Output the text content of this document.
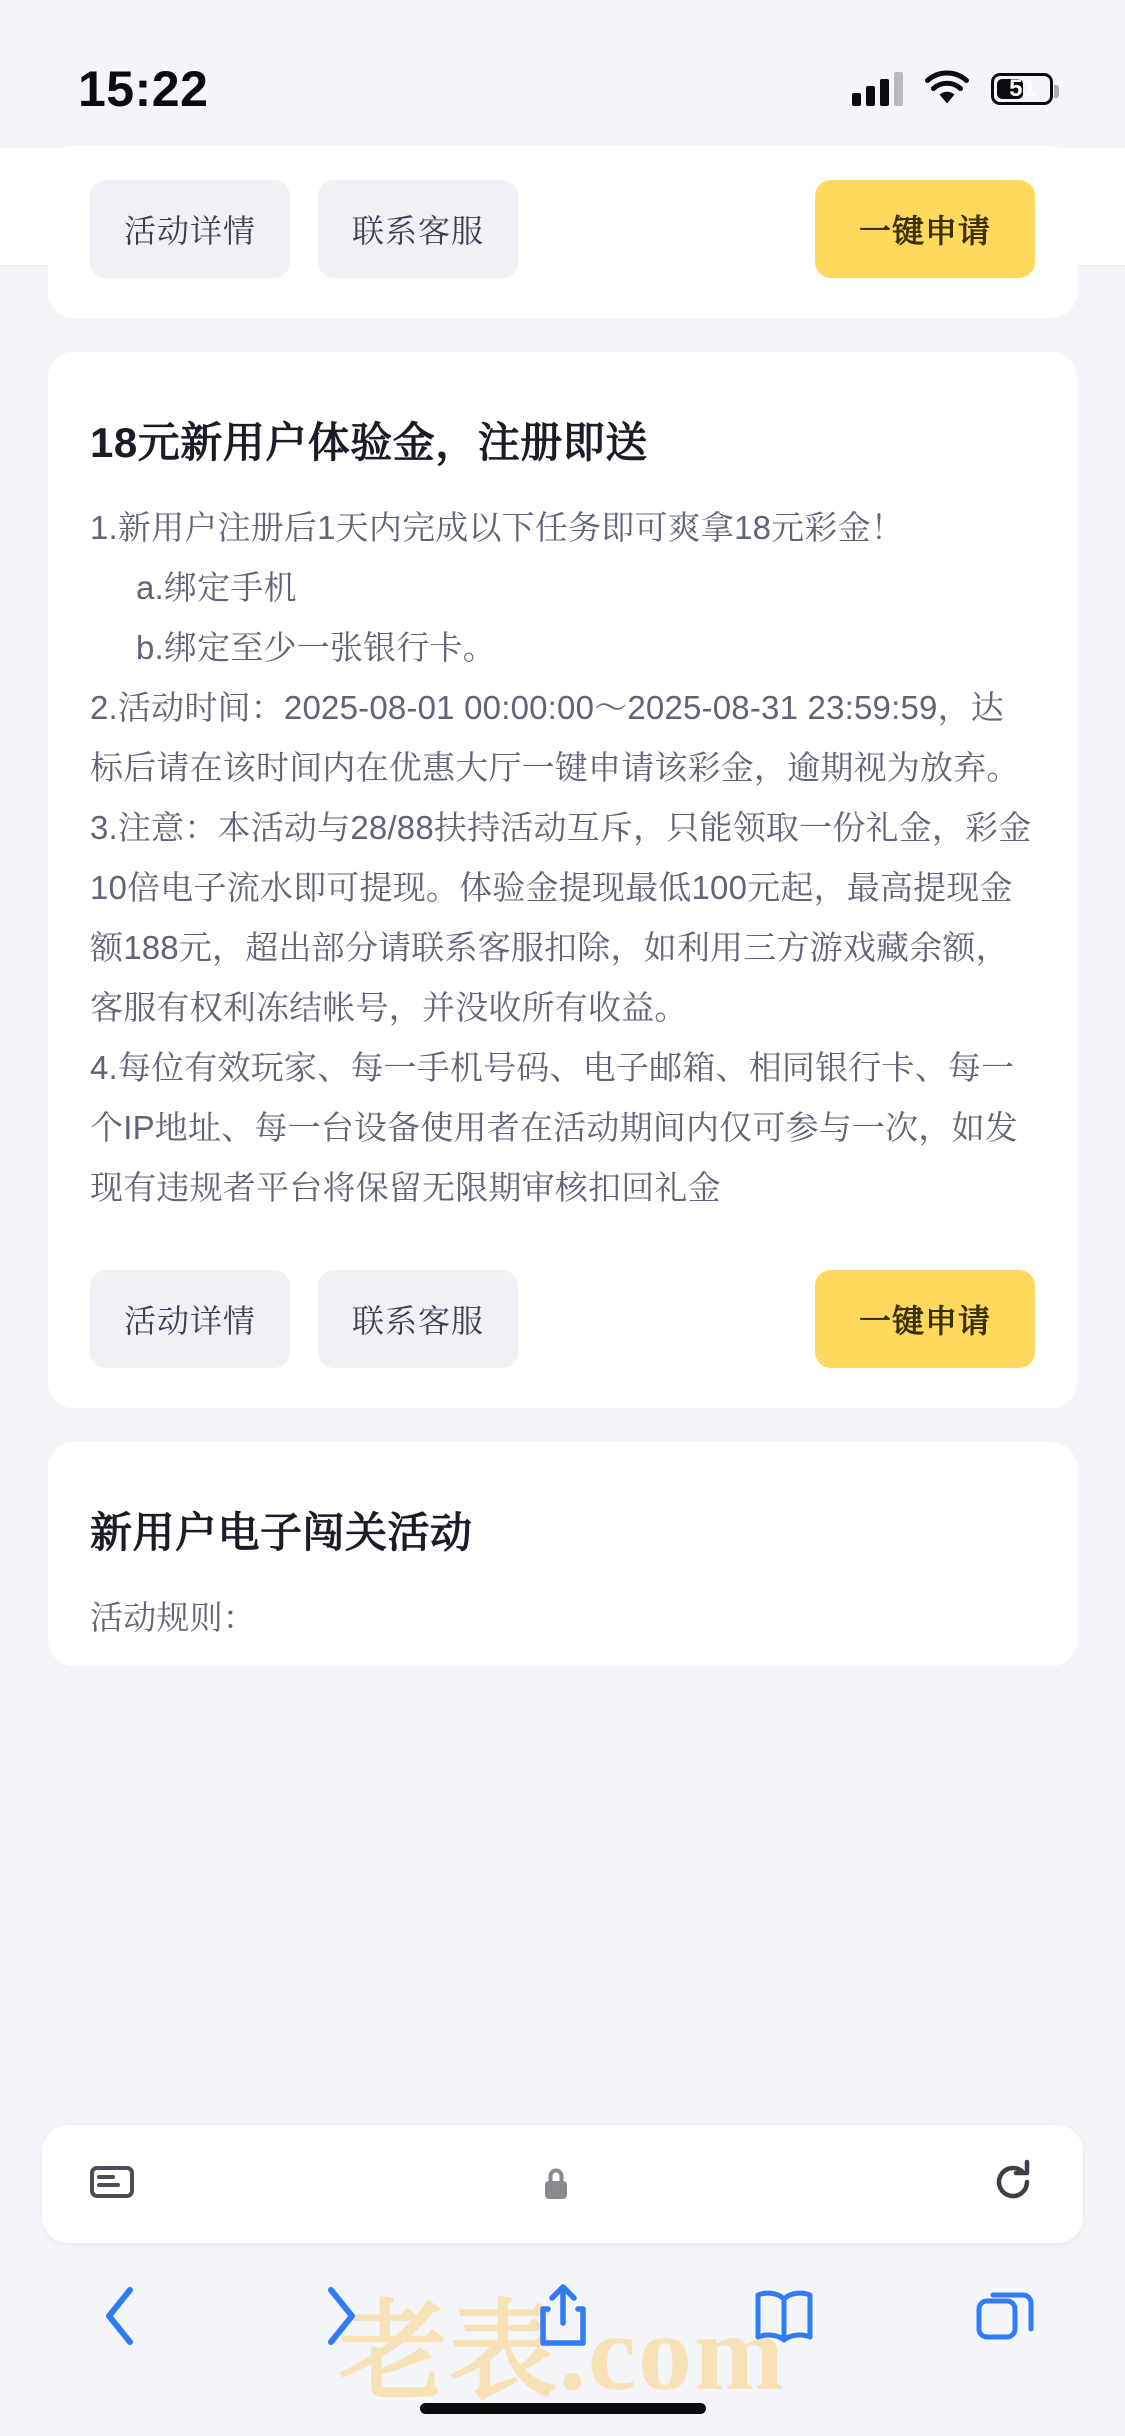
15:22	51
活动详情	联系客服	一键申请
18元新用户体验金，注册即送
1.新用户注册后1天内完成以下任务即可爽拿18元彩金！
a.绑定手机
b.绑定至少一张银行卡。
2.活动时间：2025-08-01 00:00:00～2025-08-31 23:59:59，达标后请在该时间内在优惠大厅一键申请该彩金，逾期视为放弃。
3.注意：本活动与28/88扶持活动互斥，只能领取一份礼金，彩金10倍电子流水即可提现。体验金提现最低100元起，最高提现金额188元，超出部分请联系客服扣除，如利用三方游戏藏余额，客服有权利冻结帐号，并没收所有收益。
4.每位有效玩家、每一手机号码、电子邮箱、相同银行卡、每一个IP地址、每一台设备使用者在活动期间内仅可参与一次，如发现有违规者平台将保留无限期审核扣回礼金
活动详情	联系客服	一键申请
新用户电子闯关活动
活动规则：
老表.com
